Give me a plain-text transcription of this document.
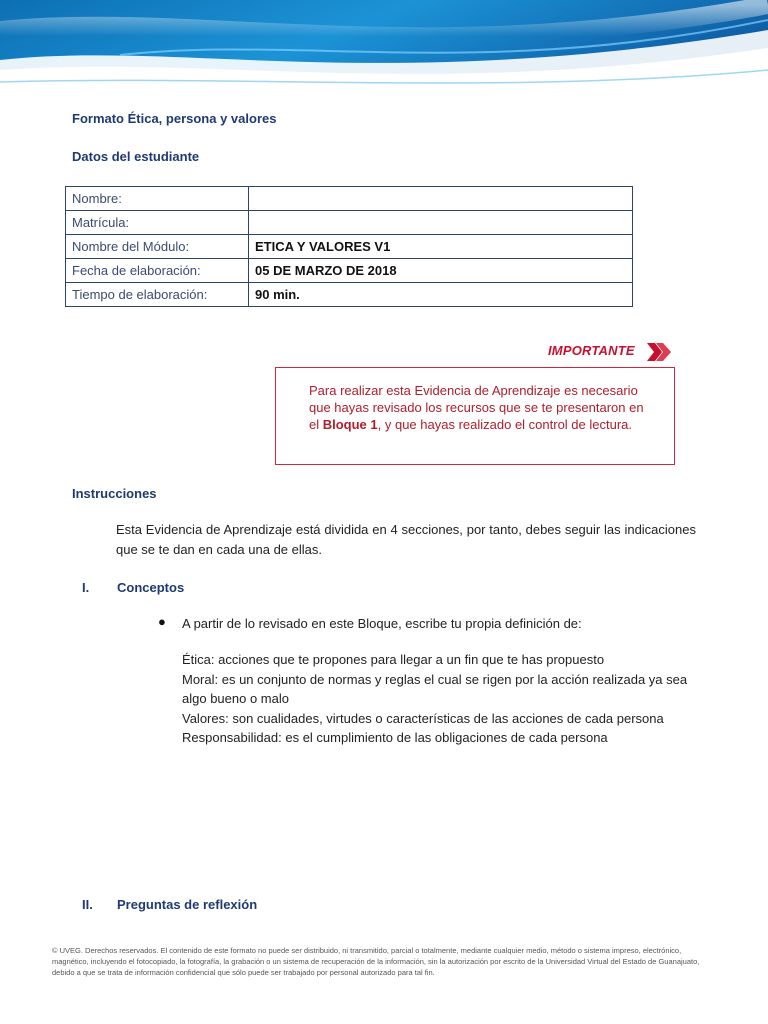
Formato Ética, persona y valores
Datos del estudiante
Nombre:	
Matrícula:	
Nombre del Módulo:	ETICA Y VALORES V1
Fecha de elaboración:	05 DE MARZO DE 2018
Tiempo de elaboración:	90 min.
IMPORTANTE

Para realizar esta Evidencia de Aprendizaje es necesario que hayas revisado los recursos que se te presentaron en el Bloque 1, y que hayas realizado el control de lectura.

Instrucciones

Esta Evidencia de Aprendizaje está dividida en 4 secciones, por tanto, debes seguir las indicaciones que se te dan en cada una de ellas.

I. Conceptos
● A partir de lo revisado en este Bloque, escribe tu propia definición de:

Ética: acciones que te propones para llegar a un fin que te has propuesto
Moral: es un conjunto de normas y reglas el cual se rigen por la acción realizada ya sea algo bueno o malo
Valores: son cualidades, virtudes o características de las acciones de cada persona
Responsabilidad: es el cumplimiento de las obligaciones de cada persona
II. Preguntas de reflexión

© UVEG. Derechos reservados. El contenido de este formato no puede ser distribuido, ni transmitido, parcial o totalmente, mediante cualquier medio, método o sistema impreso, electrónico, magnético, incluyendo el fotocopiado, la fotografía, la grabación o un sistema de recuperación de la información, sin la autorización por escrito de la Universidad Virtual del Estado de Guanajuato, debido a que se trata de información confidencial que sólo puede ser trabajado por personal autorizado para tal fin.
